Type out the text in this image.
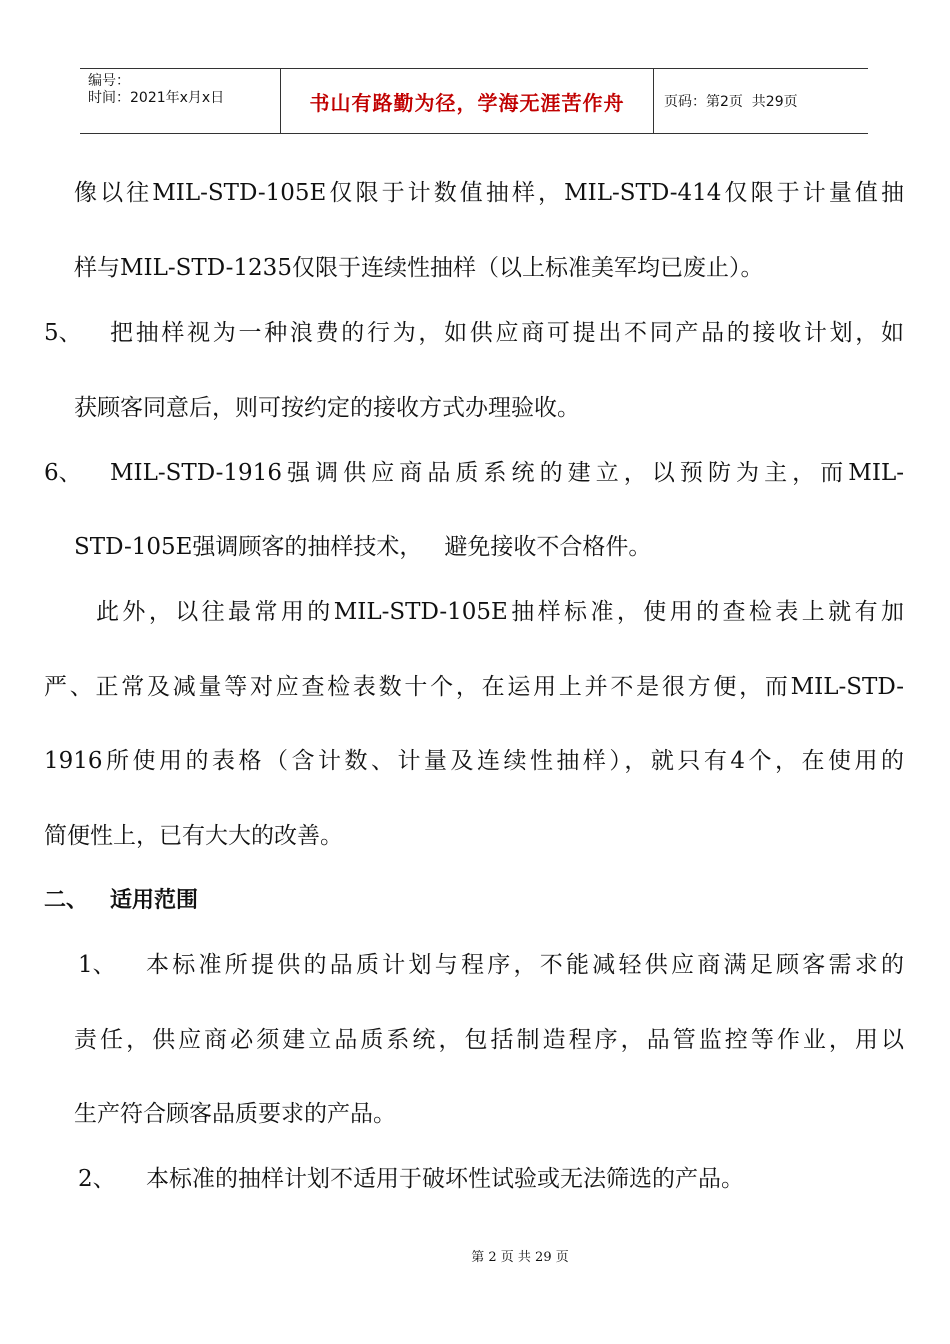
编号：
时间：2021年x月x日	书山有路勤为径，学海无涯苦作舟	页码：第2页  共29页
像以往MIL-STD-105E仅限于计数值抽样，MIL-STD-414仅限于计量值抽
样与MIL-STD-1235仅限于连续性抽样（以上标准美军均已废止）。
5、 把抽样视为一种浪费的行为，如供应商可提出不同产品的接收计划，如
获顾客同意后，则可按约定的接收方式办理验收。
6、 MIL-STD-1916强调供应商品质系统的建立，以预防为主，而MIL-
STD-105E强调顾客的抽样技术，   避免接收不合格件。
此外，以往最常用的MIL-STD-105E抽样标准，使用的查检表上就有加
严、正常及减量等对应查检表数十个，在运用上并不是很方便，而MIL-STD-
1916所使用的表格（含计数、计量及连续性抽样），就只有4个，在使用的
简便性上，已有大大的改善。
二、 适用范围
1、 本标准所提供的品质计划与程序，不能减轻供应商满足顾客需求的
责任，供应商必须建立品质系统，包括制造程序，品管监控等作业，用以
生产符合顾客品质要求的产品。
2、 本标准的抽样计划不适用于破坏性试验或无法筛选的产品。
第 2 页 共 29 页
